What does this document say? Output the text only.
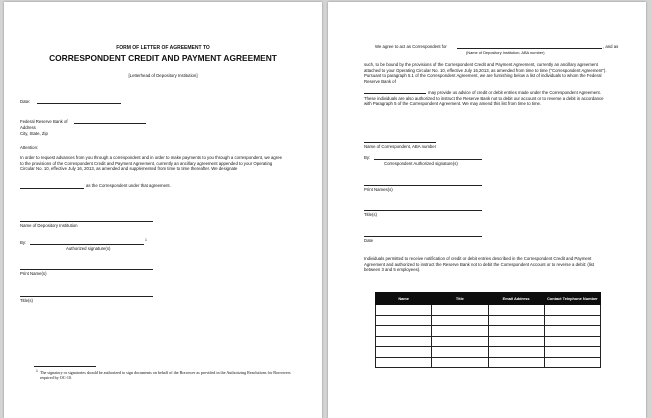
FORM OF LETTER OF AGREEMENT TO
CORRESPONDENT CREDIT AND PAYMENT AGREEMENT
[Letterhead of Depository Institution]
Date:
Federal Reserve Bank of
Address
City, State, Zip
Attention:
In order to request advances from you through a correspondent and in order to make payments to you through a correspondent, we agree to the provisions of the Correspondent Credit and Payment Agreement, currently an ancillary agreement appended to your Operating Circular No. 10, effective July 16, 2013, as amended and supplemented from time to time thereafter. We designate
as the Correspondent under that agreement.
Name of Depository Institution
By:	1
Authorized signature(s)
Print Name(s)
Title(s)
1 The signatory or signatories should be authorized to sign documents on behalf of the Borrower as provided in the Authorizing Resolutions for Borrowers required by OC-10.
We agree to act as Correspondent for	, and as
(Name of Depository Institution, ABA number)
such, to be bound by the provisions of the Correspondent Credit and Payment Agreement, currently an ancillary agreement attached to your Operating Circular No. 10, effective July 16,2013, as amended from time to time ("Correspondent Agreement"). Pursuant to paragraph 5.1 of the Correspondent Agreement, we are furnishing below a list of individuals to whom the Federal Reserve Bank of
may provide us advice of credit or debit entries made under the Correspondent Agreement. These individuals are also authorized to instruct the Reserve Bank not to debit our account or to reverse a debit in accordance with Paragraph 5 of the Correspondent Agreement. We may amend this list from time to time.
Name of Correspondent, ABA number
By:
Correspondent Authorized signature(s)
Print Names(s)
Title(s)
Date
Individuals permitted to receive notification of credit or debit entries described in the Correspondent Credit and Payment Agreement and authorized to instruct the Reserve Bank not to debit the Correspondent Account or to reverse a debit: (list between 3 and 5 employees).
Name	Title	Email Address	Contact Telephone Number
